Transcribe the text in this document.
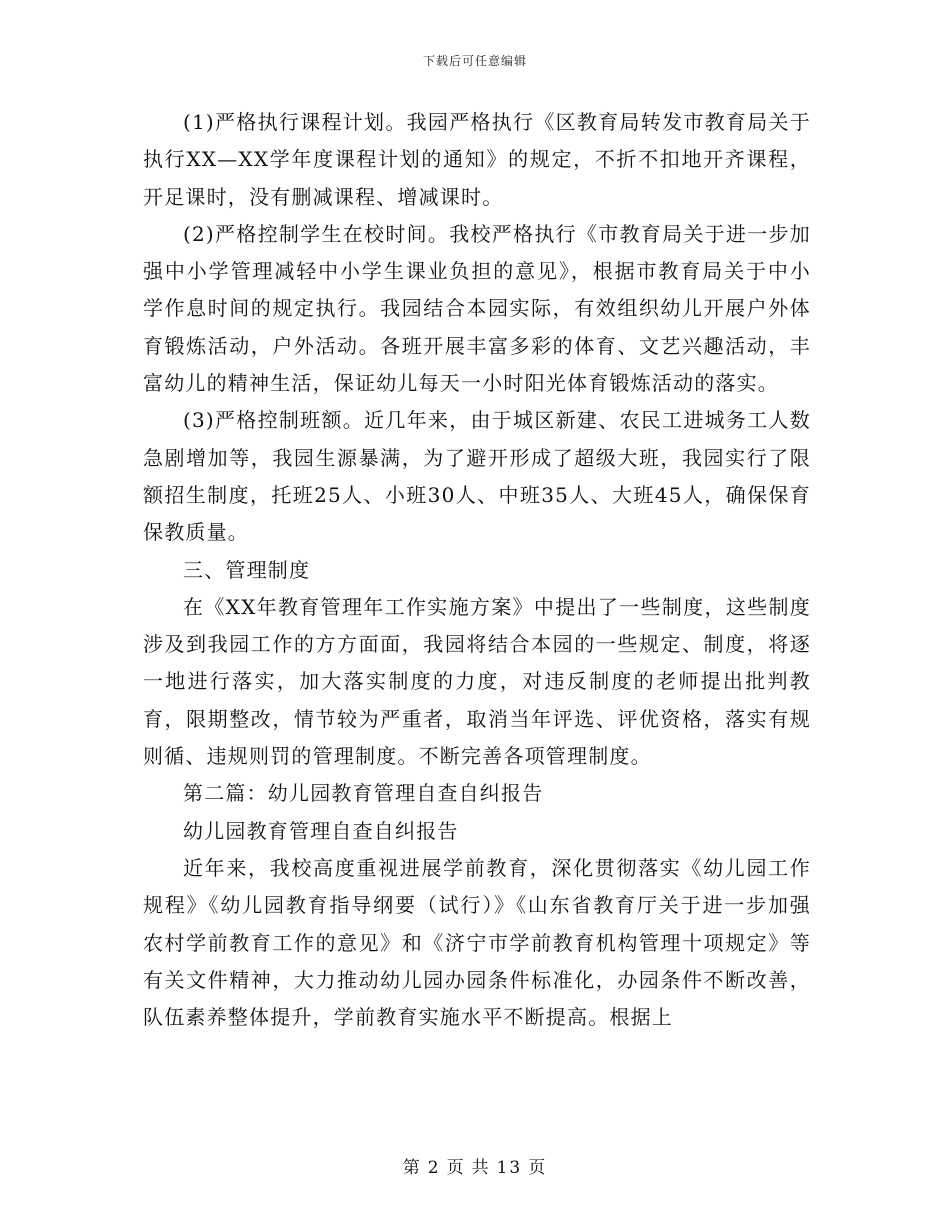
下载后可任意编辑

(1)严格执行课程计划。我园严格执行《区教育局转发市教育局关于执行XX—XX学年度课程计划的通知》的规定，不折不扣地开齐课程，开足课时，没有删减课程、增减课时。

(2)严格控制学生在校时间。我校严格执行《市教育局关于进一步加强中小学管理减轻中小学生课业负担的意见》，根据市教育局关于中小学作息时间的规定执行。我园结合本园实际，有效组织幼儿开展户外体育锻炼活动，户外活动。各班开展丰富多彩的体育、文艺兴趣活动，丰富幼儿的精神生活，保证幼儿每天一小时阳光体育锻炼活动的落实。

(3)严格控制班额。近几年来，由于城区新建、农民工进城务工人数急剧增加等，我园生源暴满，为了避开形成了超级大班，我园实行了限额招生制度，托班25人、小班30人、中班35人、大班45人，确保保育保教质量。

三、管理制度

在《XX年教育管理年工作实施方案》中提出了一些制度，这些制度涉及到我园工作的方方面面，我园将结合本园的一些规定、制度，将逐一地进行落实，加大落实制度的力度，对违反制度的老师提出批判教育，限期整改，情节较为严重者，取消当年评选、评优资格，落实有规则循、违规则罚的管理制度。不断完善各项管理制度。

第二篇：幼儿园教育管理自查自纠报告

幼儿园教育管理自查自纠报告

近年来，我校高度重视进展学前教育，深化贯彻落实《幼儿园工作规程》《幼儿园教育指导纲要（试行）》《山东省教育厅关于进一步加强农村学前教育工作的意见》和《济宁市学前教育机构管理十项规定》等有关文件精神，大力推动幼儿园办园条件标准化，办园条件不断改善，队伍素养整体提升，学前教育实施水平不断提高。根据上

第 2 页 共 13 页
